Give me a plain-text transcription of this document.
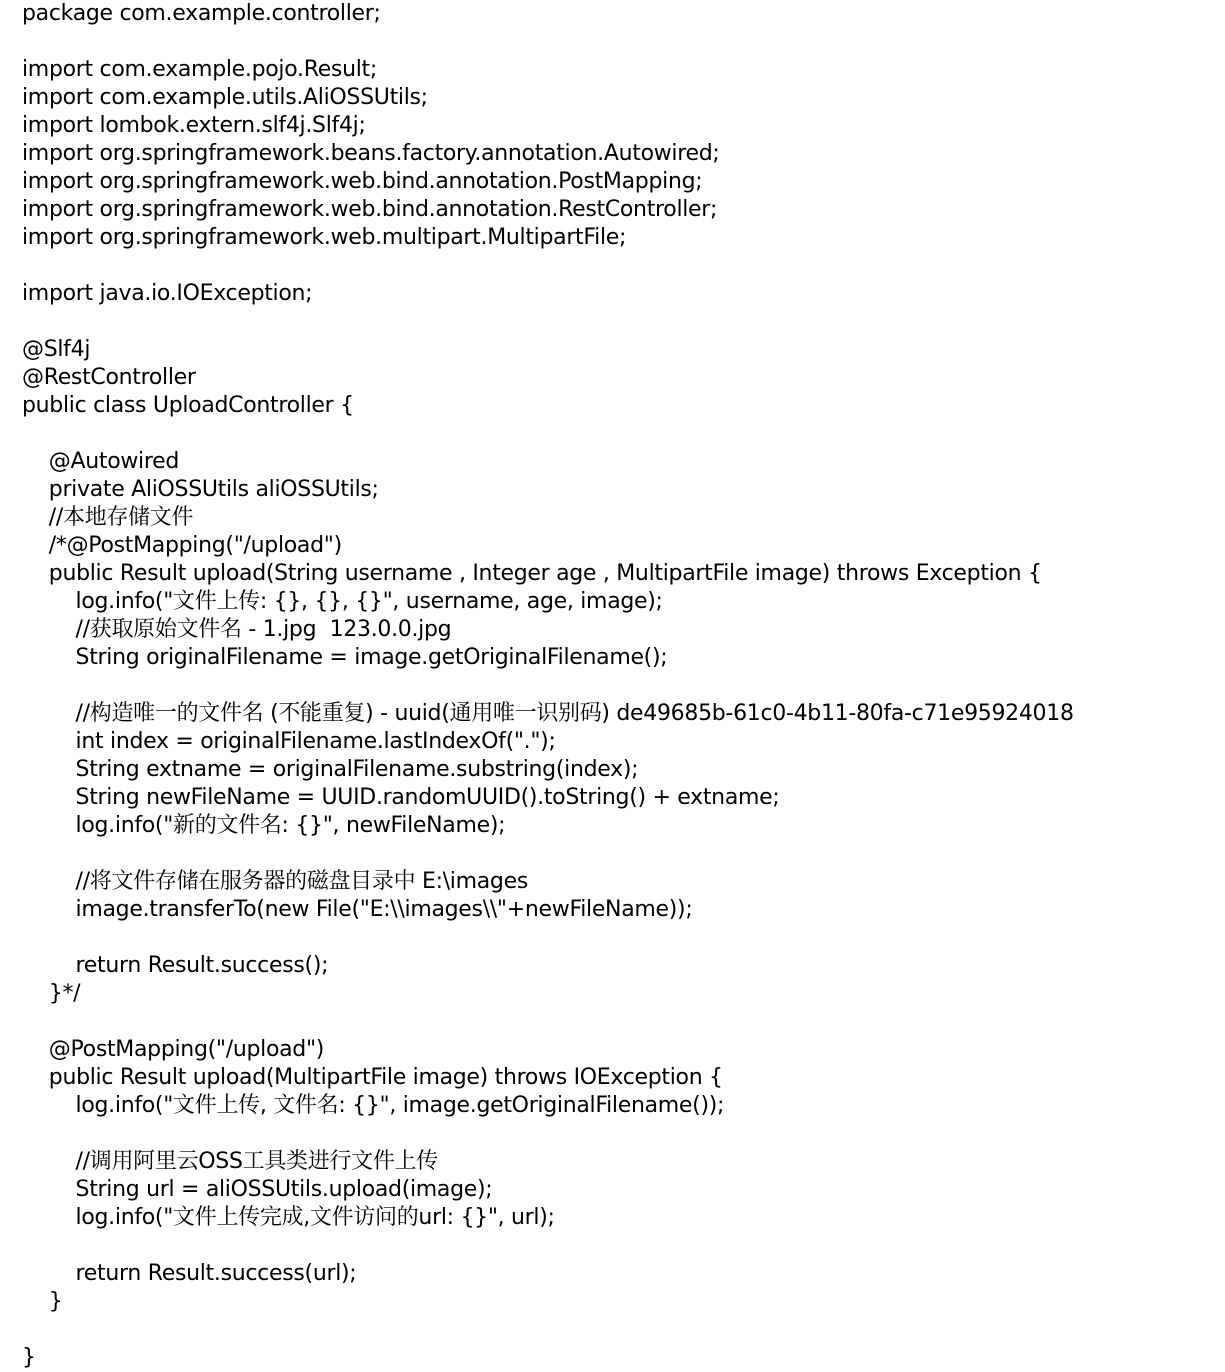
package com.example.controller;
import com.example.pojo.Result;
import com.example.utils.AliOSSUtils;
import lombok.extern.slf4j.Slf4j;
import org.springframework.beans.factory.annotation.Autowired;
import org.springframework.web.bind.annotation.PostMapping;
import org.springframework.web.bind.annotation.RestController;
import org.springframework.web.multipart.MultipartFile;
import java.io.IOException;
@Slf4j
@RestController
public class UploadController {
@Autowired
private AliOSSUtils aliOSSUtils;
//本地存储文件
/*@PostMapping("/upload")
public Result upload(String username , Integer age , MultipartFile image) throws Exception {
log.info("文件上传: {}, {}, {}", username, age, image);
//获取原始文件名 - 1.jpg  123.0.0.jpg
String originalFilename = image.getOriginalFilename();
//构造唯一的文件名 (不能重复) - uuid(通用唯一识别码) de49685b-61c0-4b11-80fa-c71e95924018
int index = originalFilename.lastIndexOf(".");
String extname = originalFilename.substring(index);
String newFileName = UUID.randomUUID().toString() + extname;
log.info("新的文件名: {}", newFileName);
//将文件存储在服务器的磁盘目录中 E:\images
image.transferTo(new File("E:\\images\\"+newFileName));
return Result.success();
}*/
@PostMapping("/upload")
public Result upload(MultipartFile image) throws IOException {
log.info("文件上传, 文件名: {}", image.getOriginalFilename());
//调用阿里云OSS工具类进行文件上传
String url = aliOSSUtils.upload(image);
log.info("文件上传完成,文件访问的url: {}", url);
return Result.success(url);
}
}
